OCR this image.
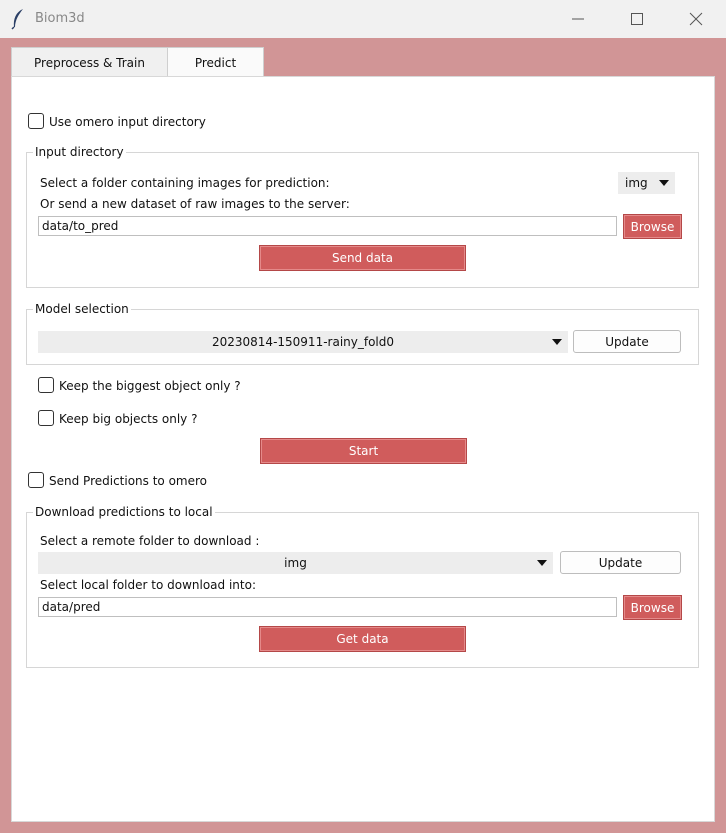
Biom3d
Preprocess & Train	Predict
Use omero input directory
Input directory
Select a folder containing images for prediction:	img
Or send a new dataset of raw images to the server:
data/to_pred	Browse
Send data
Model selection
20230814-150911-rainy_fold0	Update
Keep the biggest object only ?
Keep big objects only ?
Start
Send Predictions to omero
Download predictions to local
Select a remote folder to download :
img	Update
Select local folder to download into:
data/pred	Browse
Get data
